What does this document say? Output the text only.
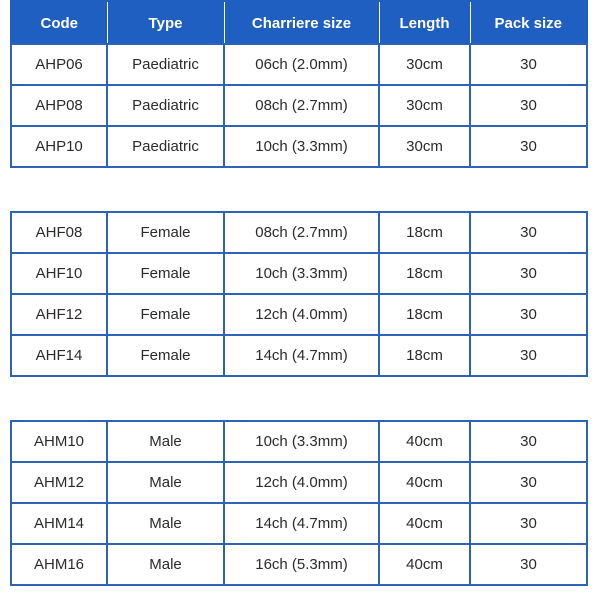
Code	Type	Charriere size	Length	Pack size
AHP06	Paediatric	06ch (2.0mm)	30cm	30
AHP08	Paediatric	08ch (2.7mm)	30cm	30
AHP10	Paediatric	10ch (3.3mm)	30cm	30
AHF08	Female	08ch (2.7mm)	18cm	30
AHF10	Female	10ch (3.3mm)	18cm	30
AHF12	Female	12ch (4.0mm)	18cm	30
AHF14	Female	14ch (4.7mm)	18cm	30
AHM10	Male	10ch (3.3mm)	40cm	30
AHM12	Male	12ch (4.0mm)	40cm	30
AHM14	Male	14ch (4.7mm)	40cm	30
AHM16	Male	16ch (5.3mm)	40cm	30
